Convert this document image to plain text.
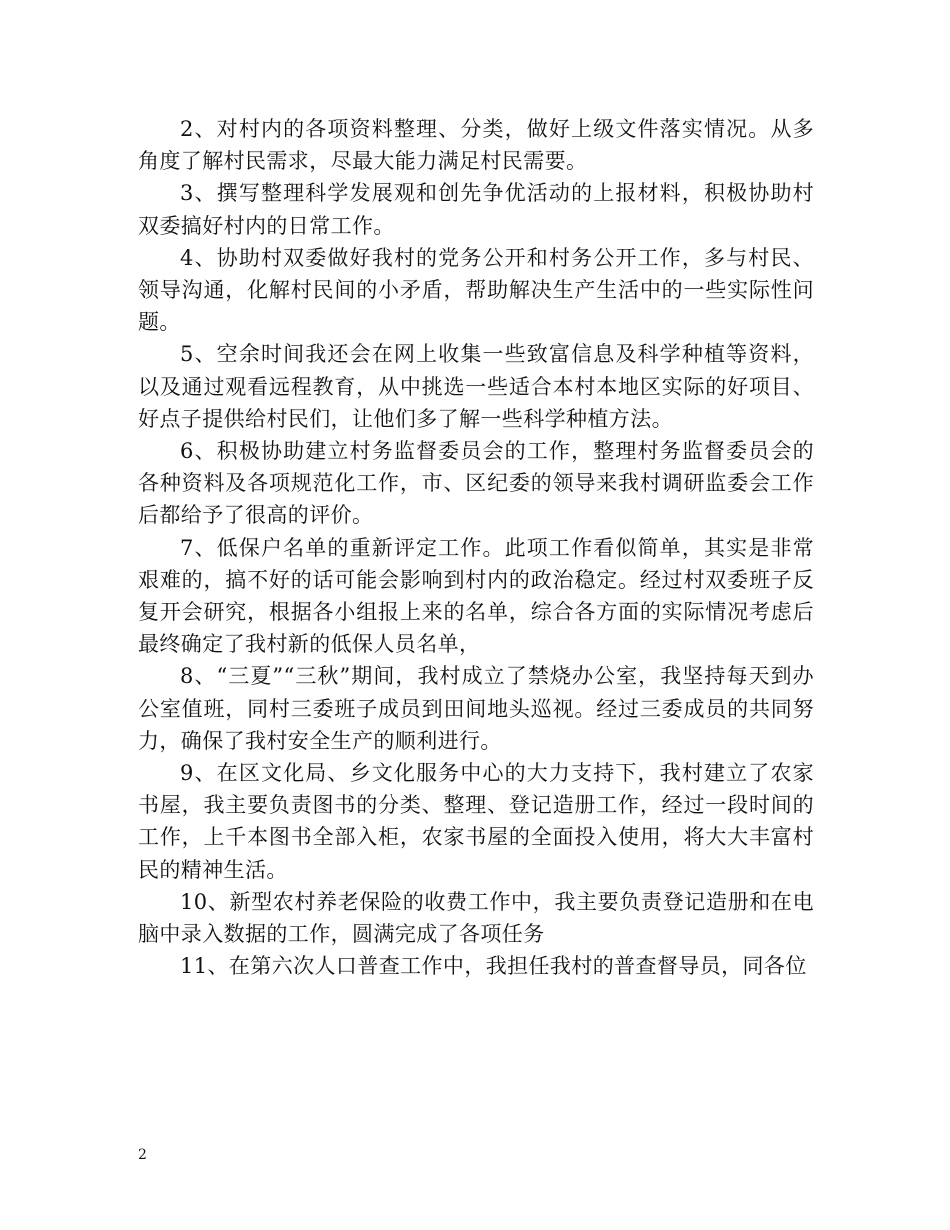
2、对村内的各项资料整理、分类，做好上级文件落实情况。从多角度了解村民需求，尽最大能力满足村民需要。

3、撰写整理科学发展观和创先争优活动的上报材料，积极协助村双委搞好村内的日常工作。

4、协助村双委做好我村的党务公开和村务公开工作，多与村民、领导沟通，化解村民间的小矛盾，帮助解决生产生活中的一些实际性问题。

5、空余时间我还会在网上收集一些致富信息及科学种植等资料，以及通过观看远程教育，从中挑选一些适合本村本地区实际的好项目、好点子提供给村民们，让他们多了解一些科学种植方法。

6、积极协助建立村务监督委员会的工作，整理村务监督委员会的各种资料及各项规范化工作，市、区纪委的领导来我村调研监委会工作后都给予了很高的评价。

7、低保户名单的重新评定工作。此项工作看似简单，其实是非常艰难的，搞不好的话可能会影响到村内的政治稳定。经过村双委班子反复开会研究，根据各小组报上来的名单，综合各方面的实际情况考虑后最终确定了我村新的低保人员名单，

8、“三夏”“三秋”期间，我村成立了禁烧办公室，我坚持每天到办公室值班，同村三委班子成员到田间地头巡视。经过三委成员的共同努力，确保了我村安全生产的顺利进行。

9、在区文化局、乡文化服务中心的大力支持下，我村建立了农家书屋，我主要负责图书的分类、整理、登记造册工作，经过一段时间的工作，上千本图书全部入柜，农家书屋的全面投入使用，将大大丰富村民的精神生活。

10、新型农村养老保险的收费工作中，我主要负责登记造册和在电脑中录入数据的工作，圆满完成了各项任务

11、在第六次人口普查工作中，我担任我村的普查督导员，同各位

2
